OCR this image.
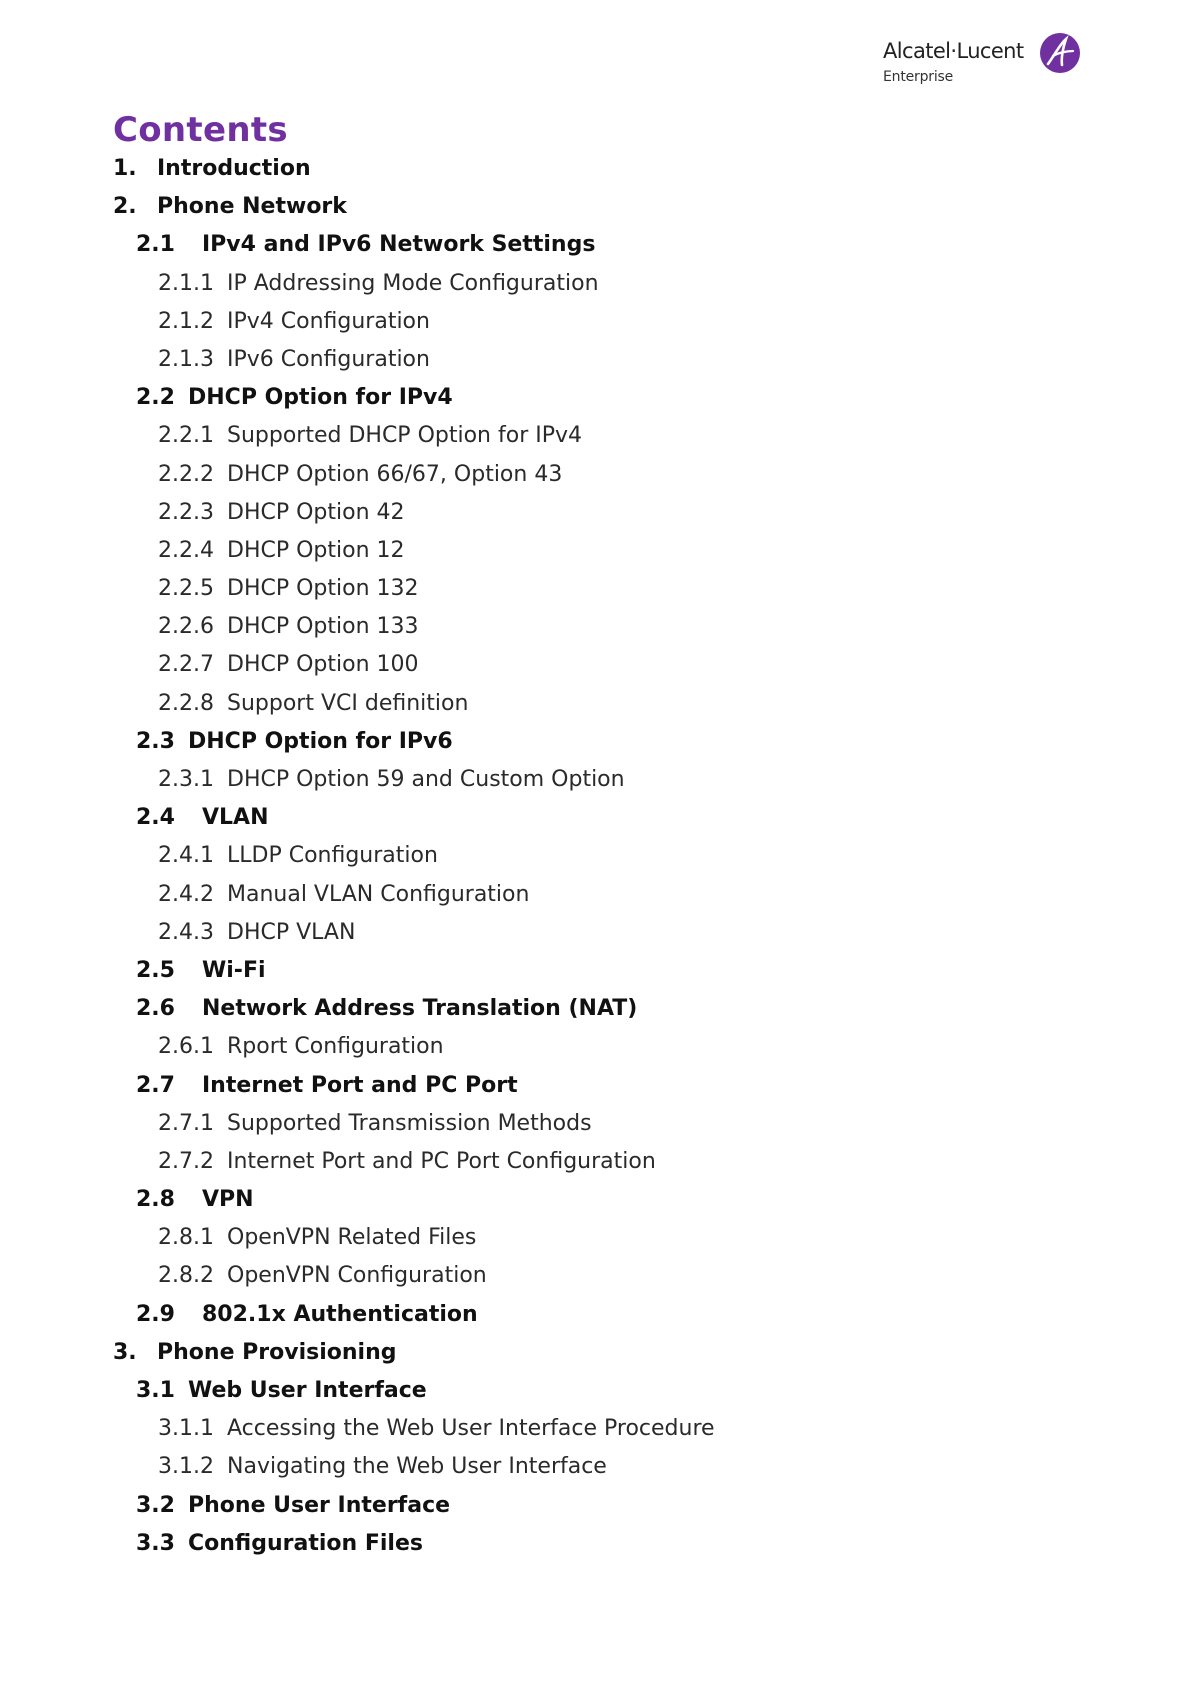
Alcatel·Lucent
Enterprise
Contents
1. Introduction
2. Phone Network
2.1 IPv4 and IPv6 Network Settings
2.1.1 IP Addressing Mode Configuration
2.1.2 IPv4 Configuration
2.1.3 IPv6 Configuration
2.2 DHCP Option for IPv4
2.2.1 Supported DHCP Option for IPv4
2.2.2 DHCP Option 66/67, Option 43
2.2.3 DHCP Option 42
2.2.4 DHCP Option 12
2.2.5 DHCP Option 132
2.2.6 DHCP Option 133
2.2.7 DHCP Option 100
2.2.8 Support VCI definition
2.3 DHCP Option for IPv6
2.3.1 DHCP Option 59 and Custom Option
2.4 VLAN
2.4.1 LLDP Configuration
2.4.2 Manual VLAN Configuration
2.4.3 DHCP VLAN
2.5 Wi-Fi
2.6 Network Address Translation (NAT)
2.6.1 Rport Configuration
2.7 Internet Port and PC Port
2.7.1 Supported Transmission Methods
2.7.2 Internet Port and PC Port Configuration
2.8 VPN
2.8.1 OpenVPN Related Files
2.8.2 OpenVPN Configuration
2.9 802.1x Authentication
3. Phone Provisioning
3.1 Web User Interface
3.1.1 Accessing the Web User Interface Procedure
3.1.2 Navigating the Web User Interface
3.2 Phone User Interface
3.3 Configuration Files
